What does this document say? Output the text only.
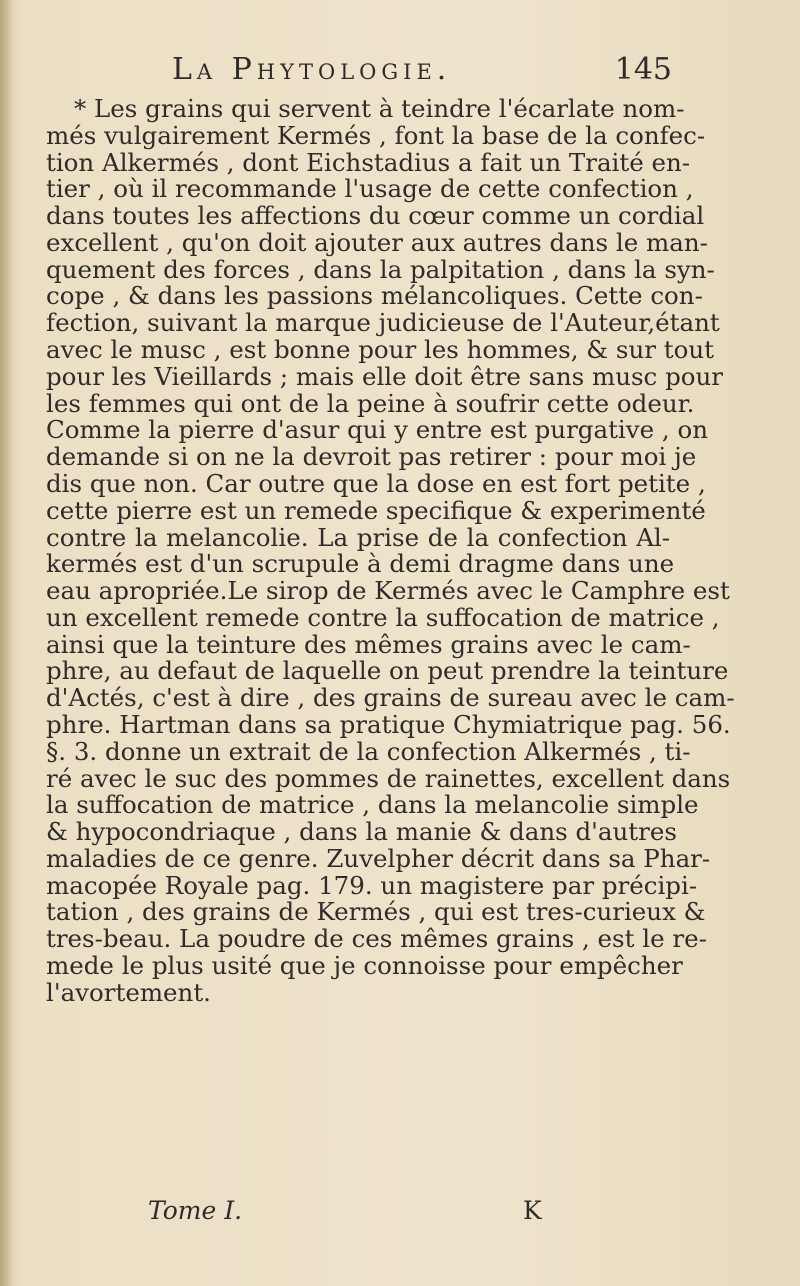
La Phytologie.	145
* Les grains qui servent à teindre l'écarlate nom-
més vulgairement Kermés , font la base de la confec-
tion Alkermés , dont Eichstadius a fait un Traité en-
tier , où il recommande l'usage de cette confection ,
dans toutes les affections du cœur comme un cordial
excellent , qu'on doit ajouter aux autres dans le man-
quement des forces , dans la palpitation , dans la syn-
cope , & dans les passions mélancoliques. Cette con-
fection, suivant la marque judicieuse de l'Auteur,étant
avec le musc , est bonne pour les hommes, & sur tout
pour les Vieillards ; mais elle doit être sans musc pour
les femmes qui ont de la peine à soufrir cette odeur.
Comme la pierre d'asur qui y entre est purgative , on
demande si on ne la devroit pas retirer : pour moi je
dis que non. Car outre que la dose en est fort petite ,
cette pierre est un remede specifique & experimenté
contre la melancolie. La prise de la confection Al-
kermés est d'un scrupule à demi dragme dans une
eau apropriée.Le sirop de Kermés avec le Camphre est
un excellent remede contre la suffocation de matrice ,
ainsi que la teinture des mêmes grains avec le cam-
phre, au defaut de laquelle on peut prendre la teinture
d'Actés, c'est à dire , des grains de sureau avec le cam-
phre. Hartman dans sa pratique Chymiatrique pag. 56.
§. 3. donne un extrait de la confection Alkermés , ti-
ré avec le suc des pommes de rainettes, excellent dans
la suffocation de matrice , dans la melancolie simple
& hypocondriaque , dans la manie & dans d'autres
maladies de ce genre. Zuvelpher décrit dans sa Phar-
macopée Royale pag. 179. un magistere par précipi-
tation , des grains de Kermés , qui est tres-curieux &
tres-beau. La poudre de ces mêmes grains , est le re-
mede le plus usité que je connoisse pour empêcher
l'avortement.
Tome I.	K
